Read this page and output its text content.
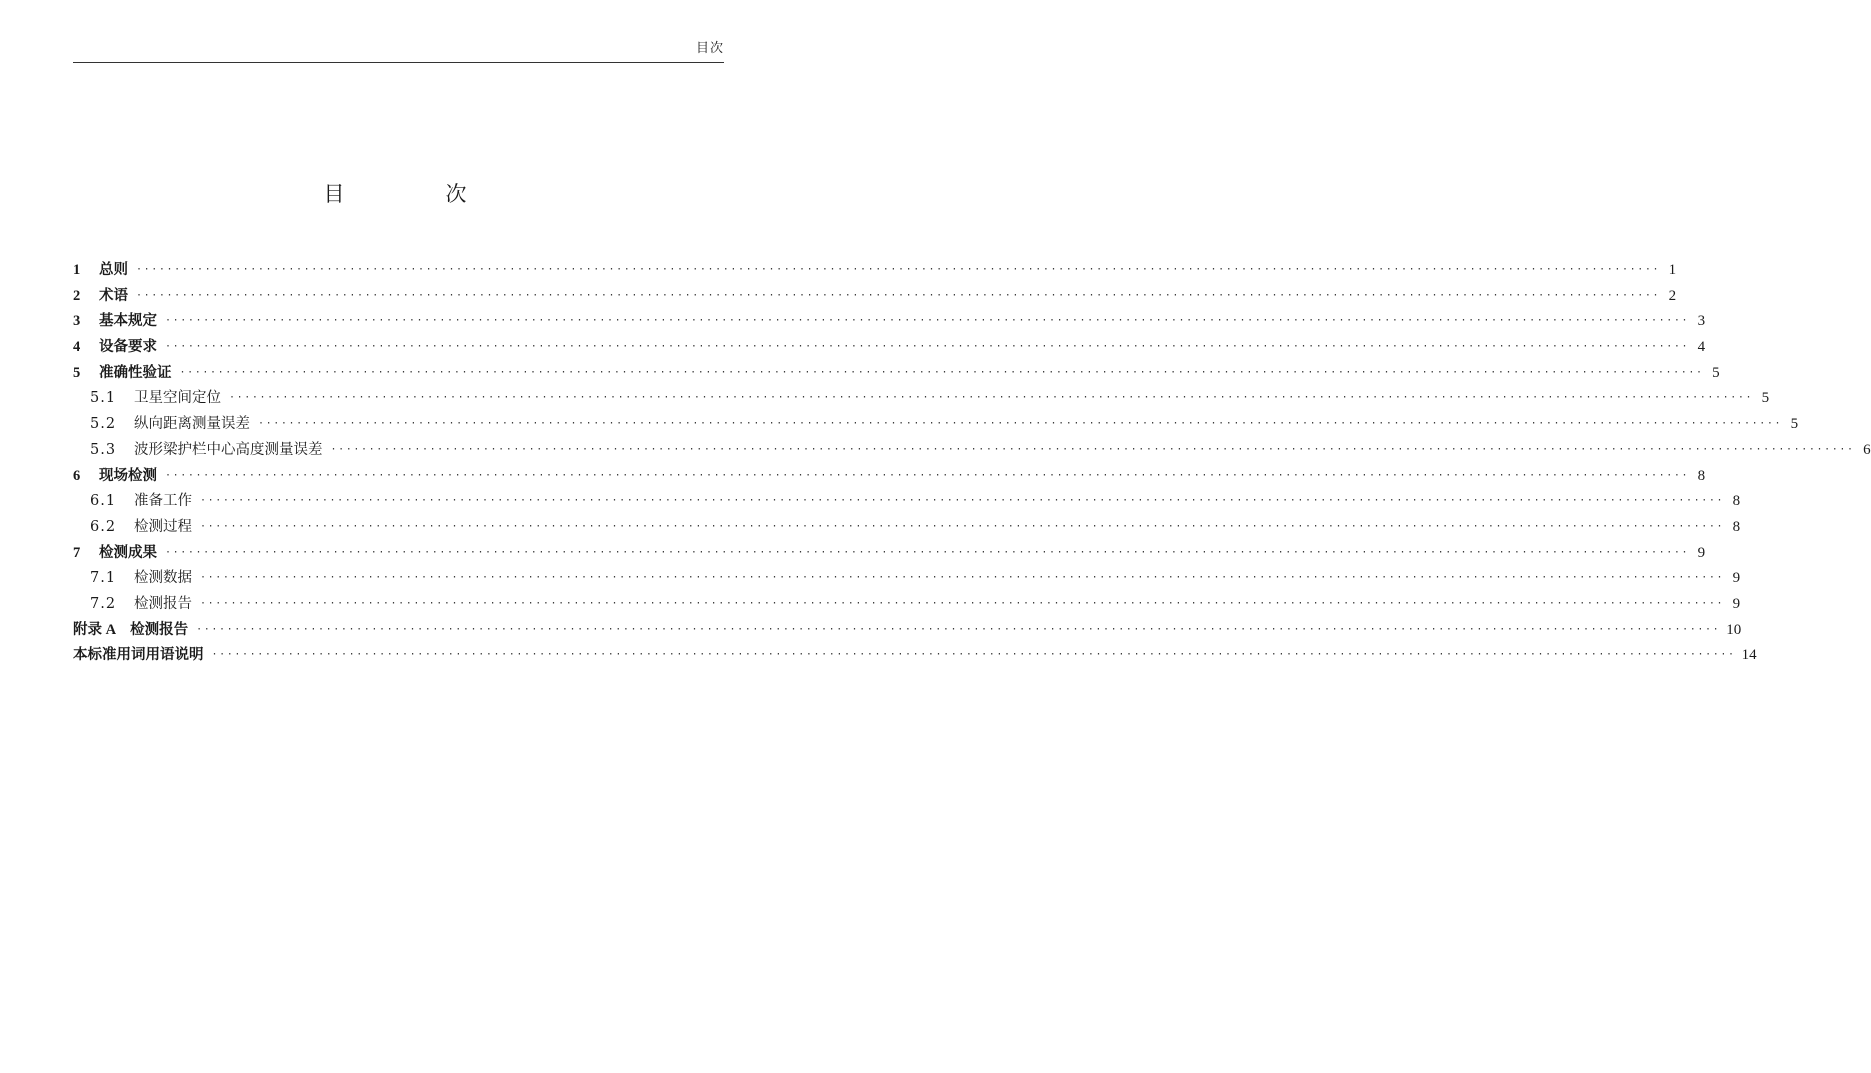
目次
目　次
1	总则 ········································································································································································································ 1
2	术语 ········································································································································································································ 2
3	基本规定 ········································································································································································································ 3
4	设备要求 ········································································································································································································ 4
5	准确性验证 ········································································································································································································ 5
5.1	卫星空间定位 ········································································································································································································ 5
5.2	纵向距离测量误差 ········································································································································································································ 5
5.3	波形梁护栏中心高度测量误差 ········································································································································································································ 6
6	现场检测 ········································································································································································································ 8
6.1	准备工作 ········································································································································································································ 8
6.2	检测过程 ········································································································································································································ 8
7	检测成果 ········································································································································································································ 9
7.1	检测数据 ········································································································································································································ 9
7.2	检测报告 ········································································································································································································ 9
附录 A 检测报告 ········································································································································································································ 10
本标准用词用语说明 ········································································································································································································ 14
